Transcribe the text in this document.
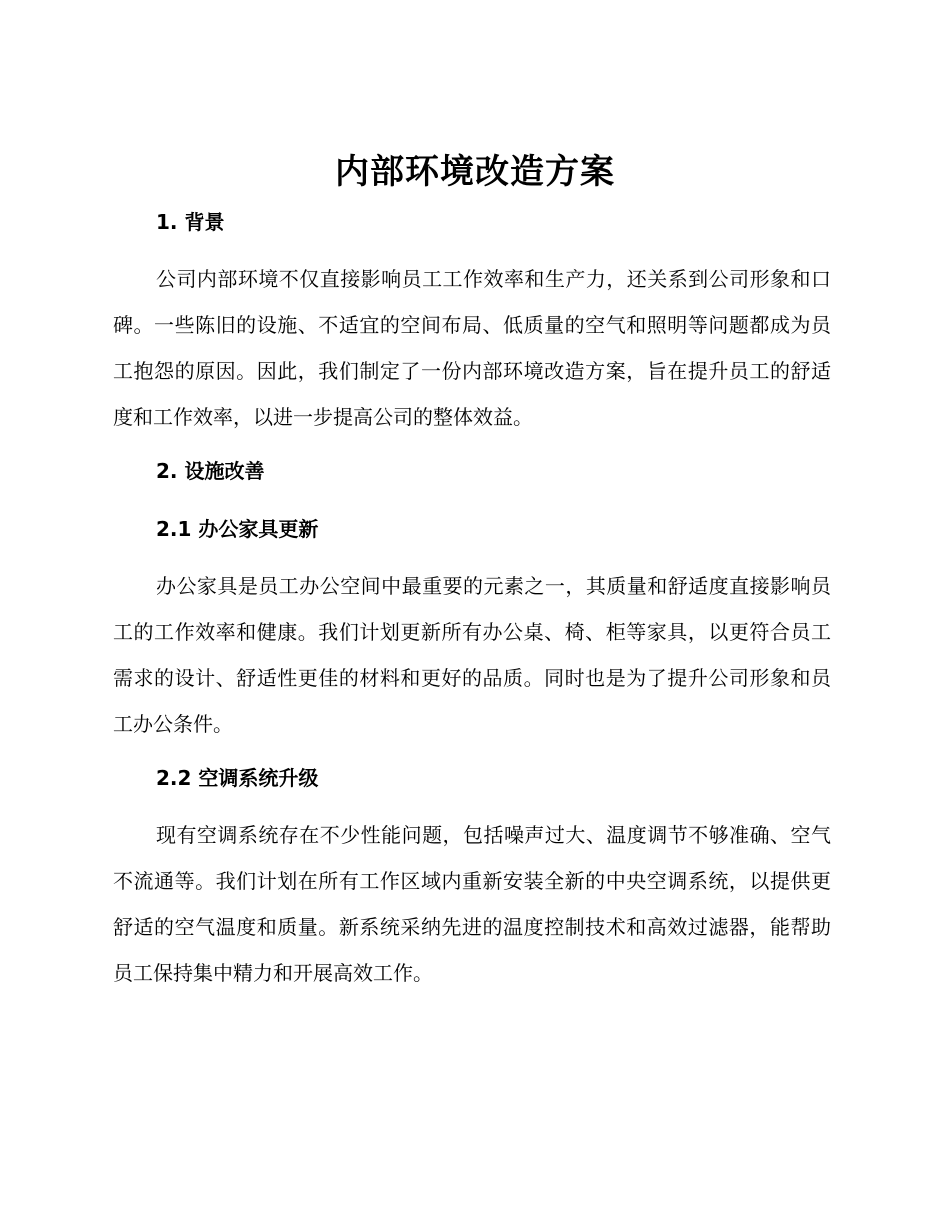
内部环境改造方案
1. 背景
公司内部环境不仅直接影响员工工作效率和生产力，还关系到公司形象和口碑。一些陈旧的设施、不适宜的空间布局、低质量的空气和照明等问题都成为员工抱怨的原因。因此，我们制定了一份内部环境改造方案，旨在提升员工的舒适度和工作效率，以进一步提高公司的整体效益。
2. 设施改善
2.1 办公家具更新
办公家具是员工办公空间中最重要的元素之一，其质量和舒适度直接影响员工的工作效率和健康。我们计划更新所有办公桌、椅、柜等家具，以更符合员工需求的设计、舒适性更佳的材料和更好的品质。同时也是为了提升公司形象和员工办公条件。
2.2 空调系统升级
现有空调系统存在不少性能问题，包括噪声过大、温度调节不够准确、空气不流通等。我们计划在所有工作区域内重新安装全新的中央空调系统，以提供更舒适的空气温度和质量。新系统采纳先进的温度控制技术和高效过滤器，能帮助员工保持集中精力和开展高效工作。
